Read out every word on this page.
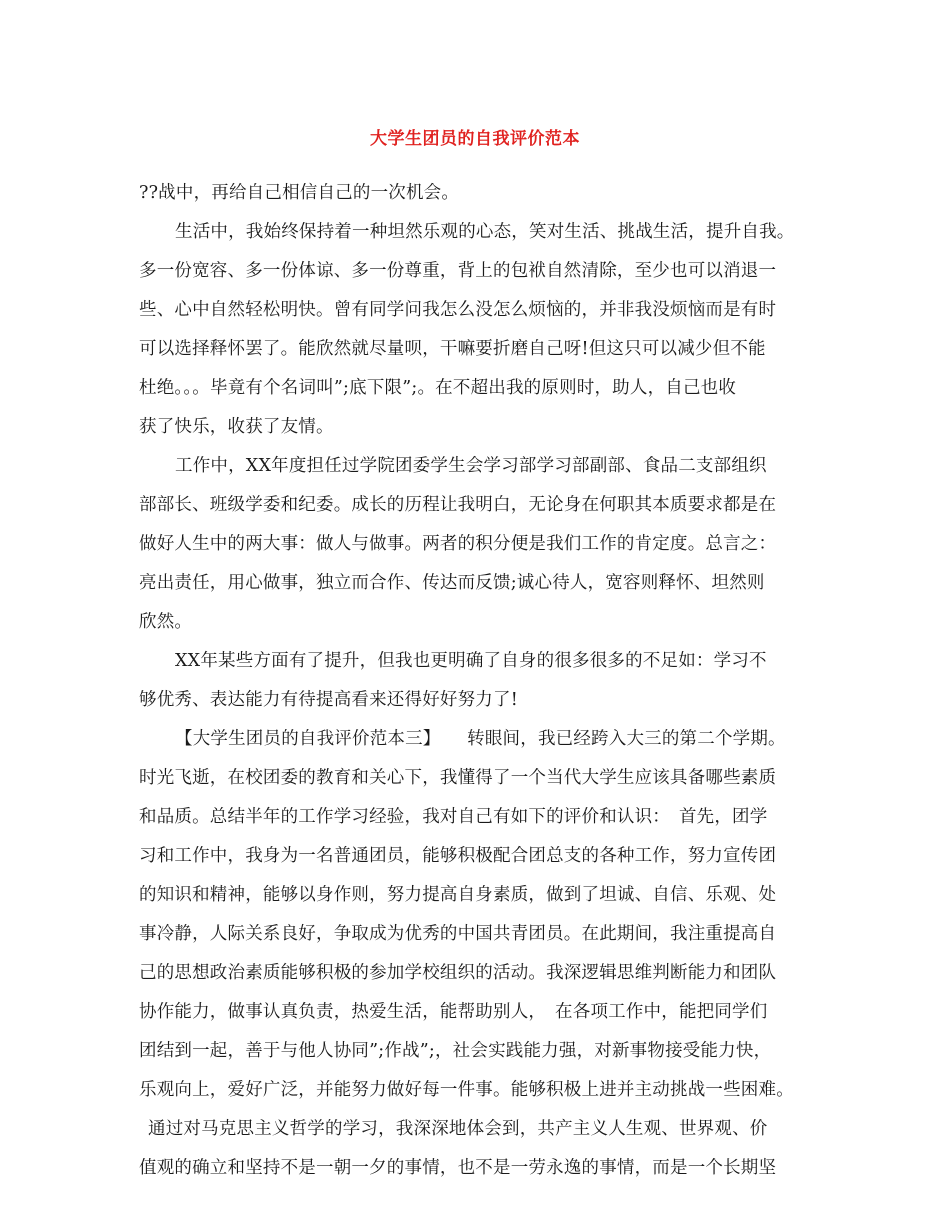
大学生团员的自我评价范本
??战中，再给自己相信自己的一次机会。
生活中，我始终保持着一种坦然乐观的心态，笑对生活、挑战生活，提升自我。
多一份宽容、多一份体谅、多一份尊重，背上的包袱自然清除，至少也可以消退一
些、心中自然轻松明快。曾有同学问我怎么没怎么烦恼的，并非我没烦恼而是有时
可以选择释怀罢了。能欣然就尽量呗，干嘛要折磨自己呀!但这只可以减少但不能
杜绝。。。毕竟有个名词叫”;底下限”;。在不超出我的原则时，助人，自己也收
获了快乐，收获了友情。
工作中，XX年度担任过学院团委学生会学习部学习部副部、食品二支部组织
部部长、班级学委和纪委。成长的历程让我明白，无论身在何职其本质要求都是在
做好人生中的两大事：做人与做事。两者的积分便是我们工作的肯定度。总言之：
亮出责任，用心做事，独立而合作、传达而反馈;诚心待人，宽容则释怀、坦然则
欣然。
XX年某些方面有了提升，但我也更明确了自身的很多很多的不足如：学习不
够优秀、表达能力有待提高看来还得好好努力了!
【大学生团员的自我评价范本三】　　转眼间，我已经跨入大三的第二个学期。
时光飞逝，在校团委的教育和关心下，我懂得了一个当代大学生应该具备哪些素质
和品质。总结半年的工作学习经验，我对自己有如下的评价和认识：　首先，团学
习和工作中，我身为一名普通团员，能够积极配合团总支的各种工作，努力宣传团
的知识和精神，能够以身作则，努力提高自身素质，做到了坦诚、自信、乐观、处
事冷静，人际关系良好，争取成为优秀的中国共青团员。在此期间，我注重提高自
己的思想政治素质能够积极的参加学校组织的活动。我深逻辑思维判断能力和团队
协作能力，做事认真负责，热爱生活，能帮助别人，　在各项工作中，能把同学们
团结到一起，善于与他人协同”;作战”;，社会实践能力强，对新事物接受能力快，
乐观向上，爱好广泛，并能努力做好每一件事。能够积极上进并主动挑战一些困难。
通过对马克思主义哲学的学习，我深深地体会到，共产主义人生观、世界观、价
值观的确立和坚持不是一朝一夕的事情，也不是一劳永逸的事情，而是一个长期坚
